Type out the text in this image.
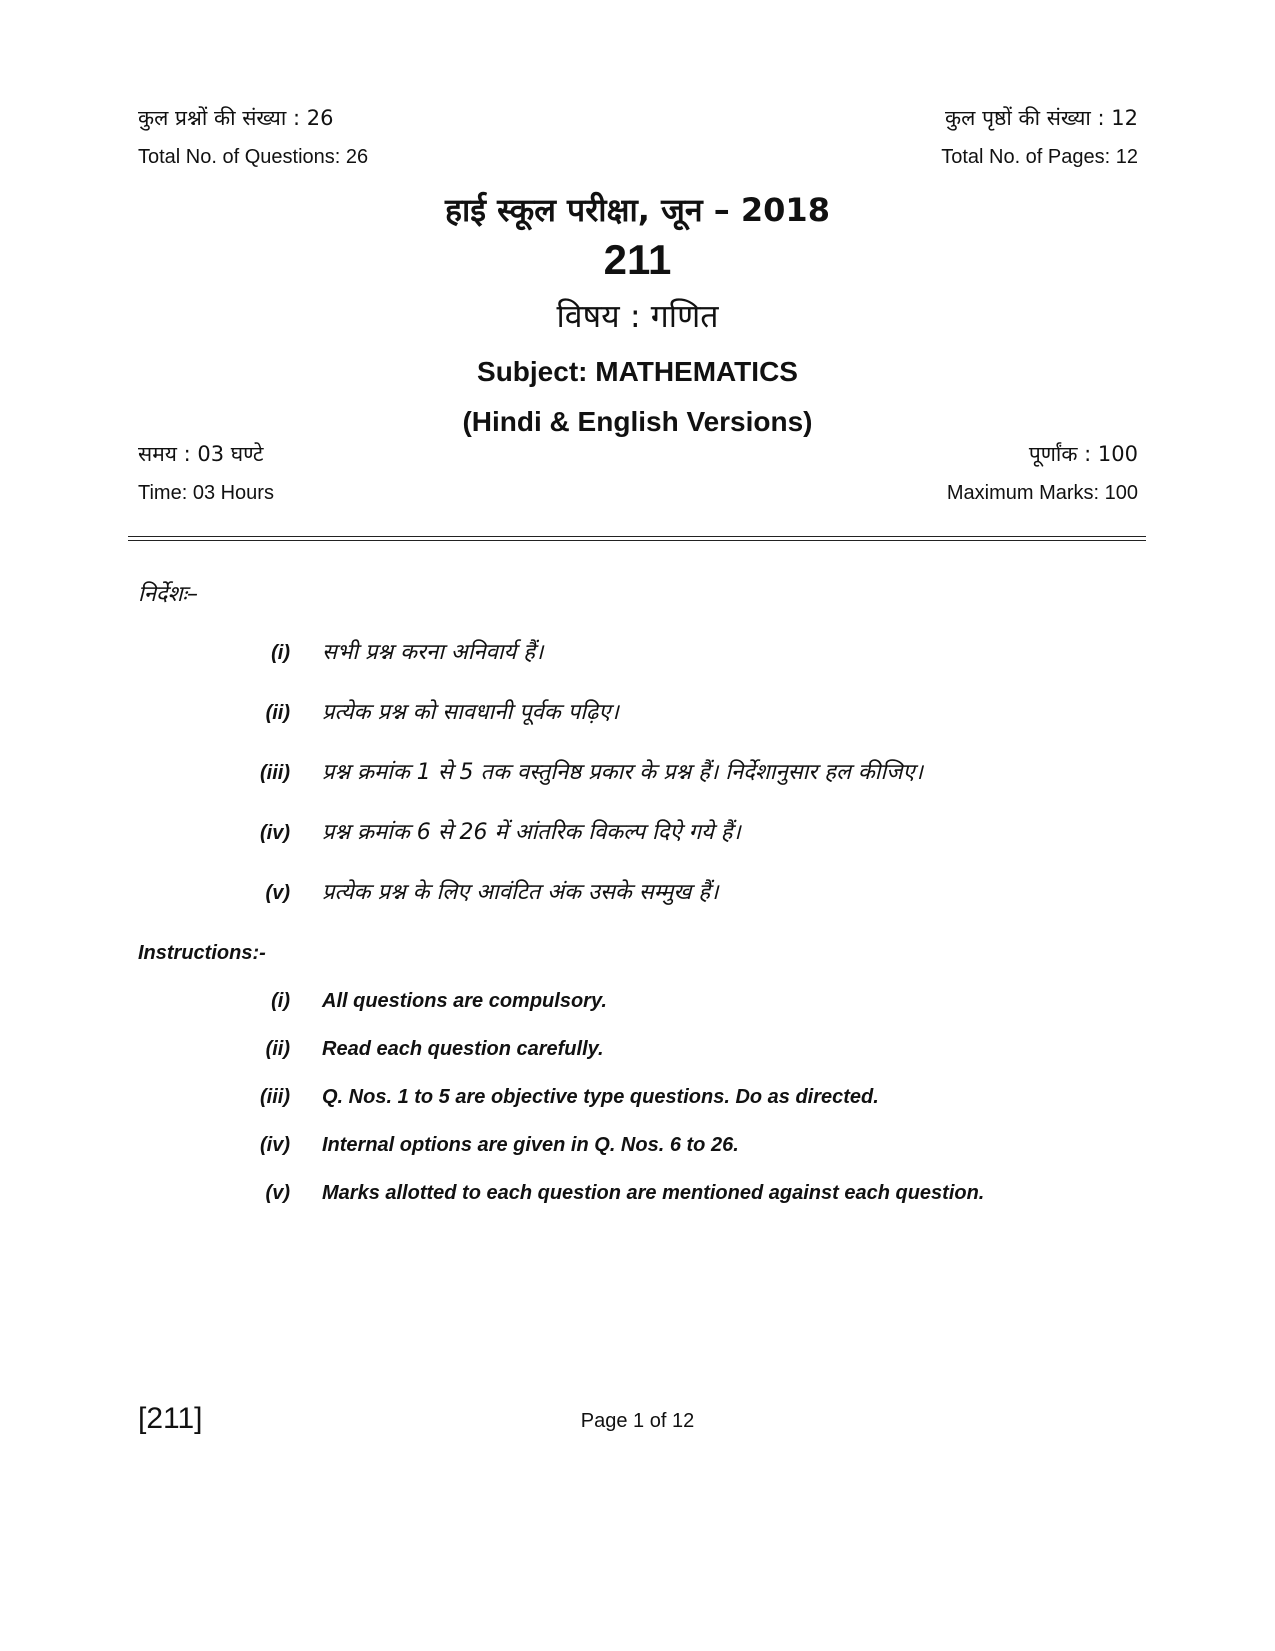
कुल प्रश्नों की संख्या : 26	कुल पृष्ठों की संख्या : 12
Total No. of Questions: 26	Total No. of Pages: 12
हाई स्कूल परीक्षा, जून – 2018
211
विषय : गणित
Subject: MATHEMATICS
(Hindi & English Versions)
समय : 03 घण्टे	पूर्णांक : 100
Time: 03 Hours	Maximum Marks: 100
निर्देशः–
(i)	सभी प्रश्न करना अनिवार्य हैं।
(ii)	प्रत्येक प्रश्न को सावधानी पूर्वक पढ़िए।
(iii)	प्रश्न क्रमांक 1 से 5 तक वस्तुनिष्ठ प्रकार के प्रश्न हैं। निर्देशानुसार हल कीजिए।
(iv)	प्रश्न क्रमांक 6 से 26 में आंतरिक विकल्प दिऐ गये हैं।
(v)	प्रत्येक प्रश्न के लिए आवंटित अंक उसके सम्मुख हैं।
Instructions:-
(i)	All questions are compulsory.
(ii)	Read each question carefully.
(iii)	Q. Nos. 1 to 5 are objective type questions. Do as directed.
(iv)	Internal options are given in Q. Nos. 6 to 26.
(v)	Marks allotted to each question are mentioned against each question.
[211]	Page 1 of 12
